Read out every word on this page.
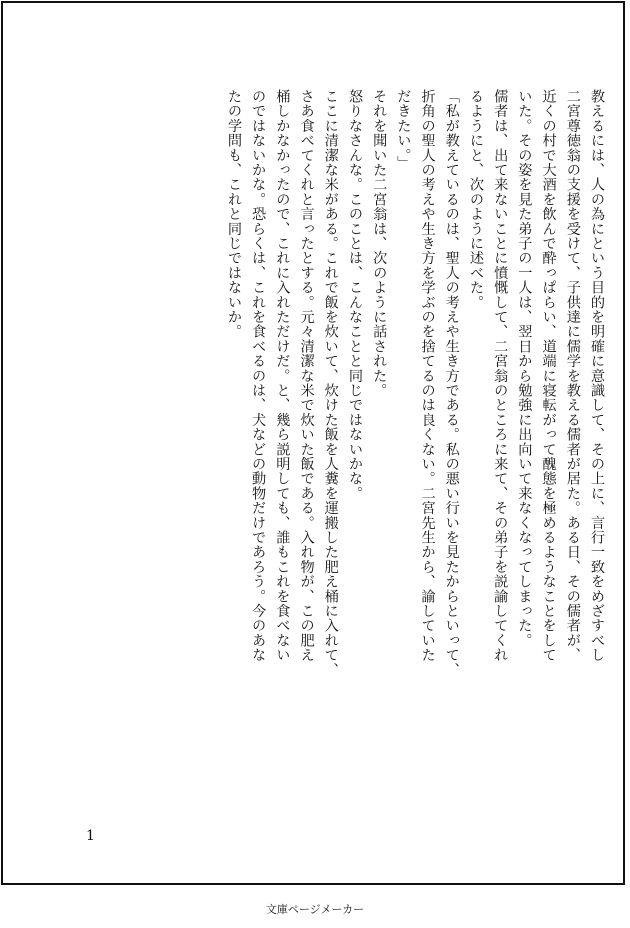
教えるには、人の為にという目的を明確に意識して、その上に、言行一致をめざすべし

二宮尊徳翁の支援を受けて、子供達に儒学を教える儒者が居た。ある日、その儒者が、

近くの村で大酒を飲んで酔っぱらい、道端に寝転がって醜態を極めるようなことをして

いた。その姿を見た弟子の一人は、翌日から勉強に出向いて来なくなってしまった。

儒者は、出て来ないことに憤慨して、二宮翁のところに来て、その弟子を説諭してくれ

るようにと、次のように述べた。

「私が教えているのは、聖人の考えや生き方である。私の悪い行いを見たからといって、

折角の聖人の考えや生き方を学ぶのを捨てるのは良くない。二宮先生から、諭していた

だきたい。」

それを聞いた二宮翁は、次のように話された。

怒りなさんな。このことは、こんなことと同じではないかな。

ここに清潔な米がある。これで飯を炊いて、炊けた飯を人糞を運搬した肥え桶に入れて、

さあ食べてくれと言ったとする。元々清潔な米で炊いた飯である。入れ物が、この肥え

桶しかなかったので、これに入れただけだ。と、幾ら説明しても、誰もこれを食べない

のではないかな。恐らくは、これを食べるのは、犬などの動物だけであろう。今のあな

たの学問も、これと同じではないか。

1
文庫ページメーカー
